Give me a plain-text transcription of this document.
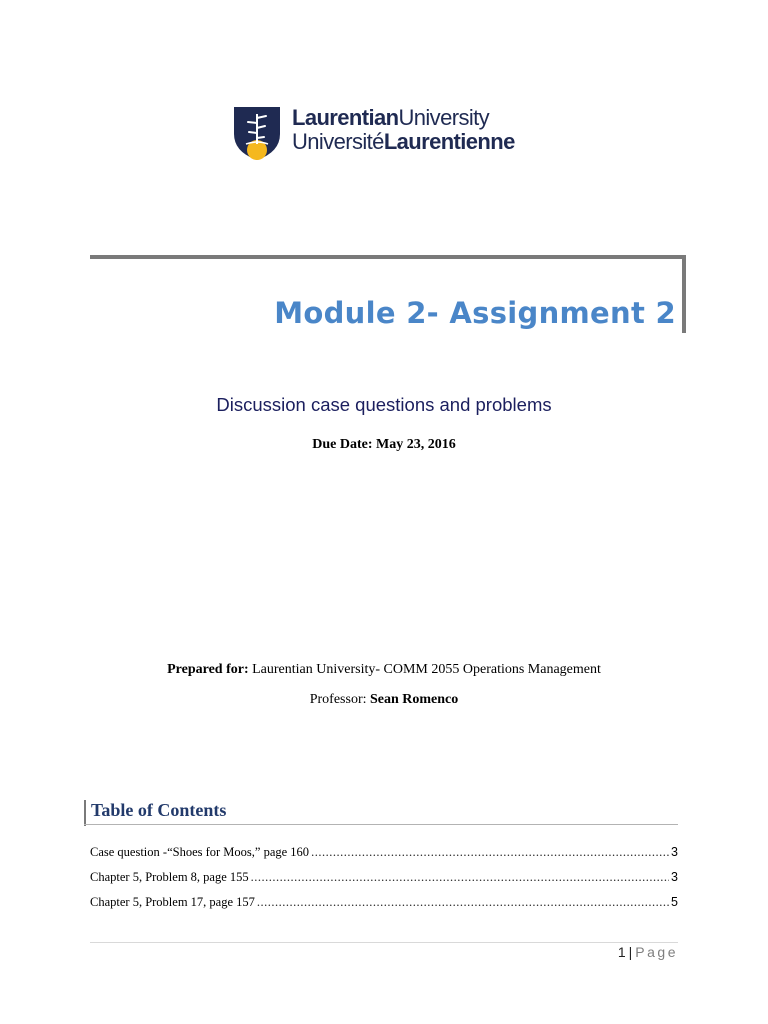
LaurentianUniversity
UniversitéLaurentienne
Module 2- Assignment 2
Discussion case questions and problems
Due Date: May 23, 2016
Prepared for: Laurentian University- COMM 2055 Operations Management
Professor: Sean Romenco
Table of Contents
Case question -“Shoes for Moos,” page 160 .....	3
Chapter 5, Problem 8, page 155 .....	3
Chapter 5, Problem 17, page 157 .....	5
1 | Page
